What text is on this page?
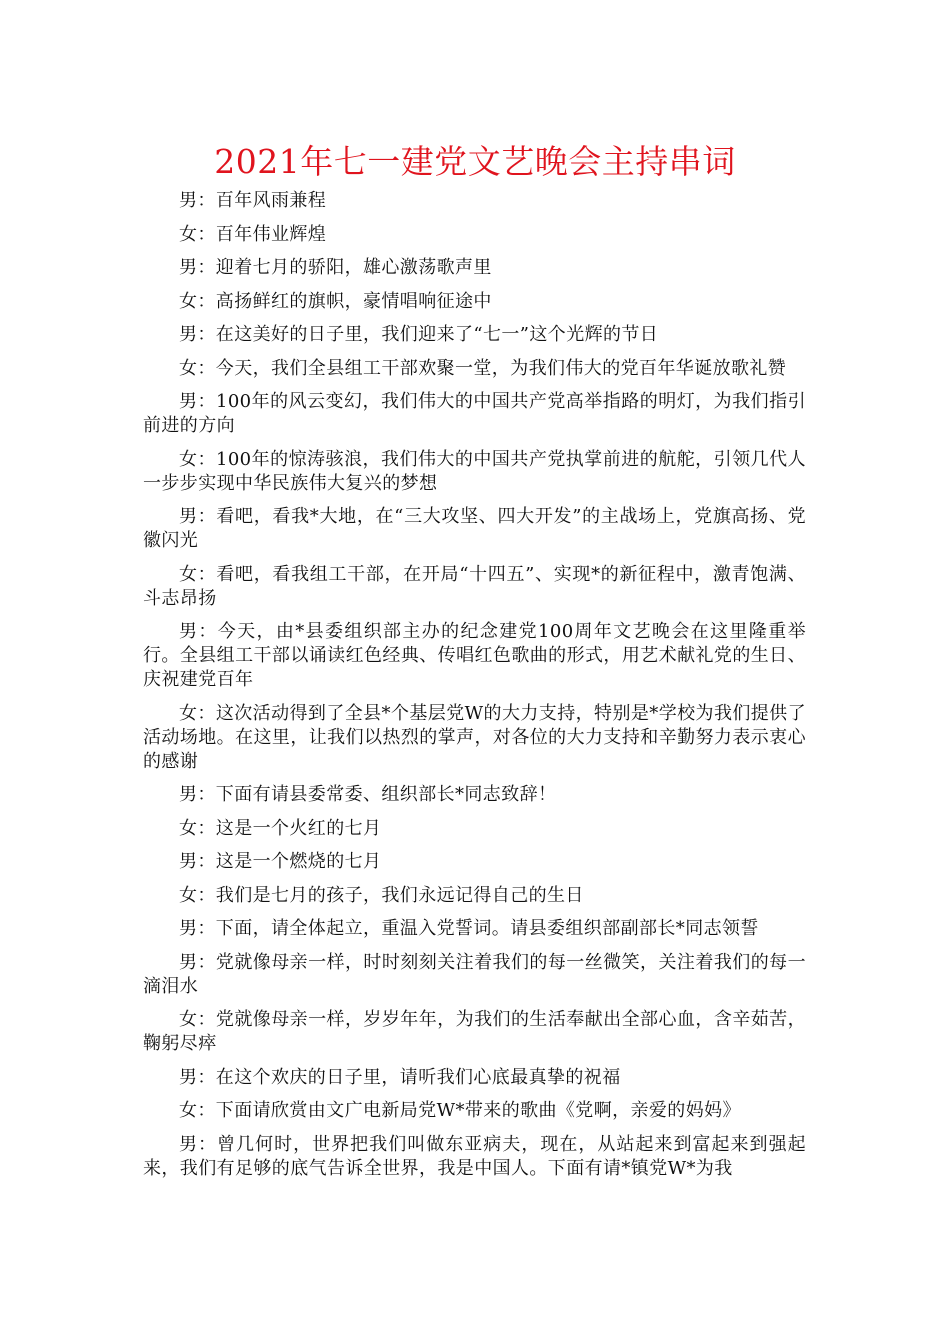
2021年七一建党文艺晚会主持串词

男：百年风雨兼程

女：百年伟业辉煌

男：迎着七月的骄阳，雄心激荡歌声里

女：高扬鲜红的旗帜，豪情唱响征途中

男：在这美好的日子里，我们迎来了“七一”这个光辉的节日

女：今天，我们全县组工干部欢聚一堂，为我们伟大的党百年华诞放歌礼赞

男：100年的风云变幻，我们伟大的中国共产党高举指路的明灯，为我们指引前进的方向

女：100年的惊涛骇浪，我们伟大的中国共产党执掌前进的航舵，引领几代人一步步实现中华民族伟大复兴的梦想

男：看吧，看我*大地，在“三大攻坚、四大开发”的主战场上，党旗高扬、党徽闪光

女：看吧，看我组工干部，在开局“十四五”、实现*的新征程中，激青饱满、斗志昂扬

男：今天，由*县委组织部主办的纪念建党100周年文艺晚会在这里隆重举行。全县组工干部以诵读红色经典、传唱红色歌曲的形式，用艺术献礼党的生日、庆祝建党百年

女：这次活动得到了全县*个基层党W的大力支持，特别是*学校为我们提供了活动场地。在这里，让我们以热烈的掌声，对各位的大力支持和辛勤努力表示衷心的感谢

男：下面有请县委常委、组织部长*同志致辞！

女：这是一个火红的七月

男：这是一个燃烧的七月

女：我们是七月的孩子，我们永远记得自己的生日

男：下面，请全体起立，重温入党誓词。请县委组织部副部长*同志领誓

男：党就像母亲一样，时时刻刻关注着我们的每一丝微笑，关注着我们的每一滴泪水

女：党就像母亲一样，岁岁年年，为我们的生活奉献出全部心血，含辛茹苦，鞠躬尽瘁

男：在这个欢庆的日子里，请听我们心底最真挚的祝福

女：下面请欣赏由文广电新局党W*带来的歌曲《党啊，亲爱的妈妈》

男：曾几何时，世界把我们叫做东亚病夫，现在，从站起来到富起来到强起来，我们有足够的底气告诉全世界，我是中国人。下面有请*镇党W*为我
